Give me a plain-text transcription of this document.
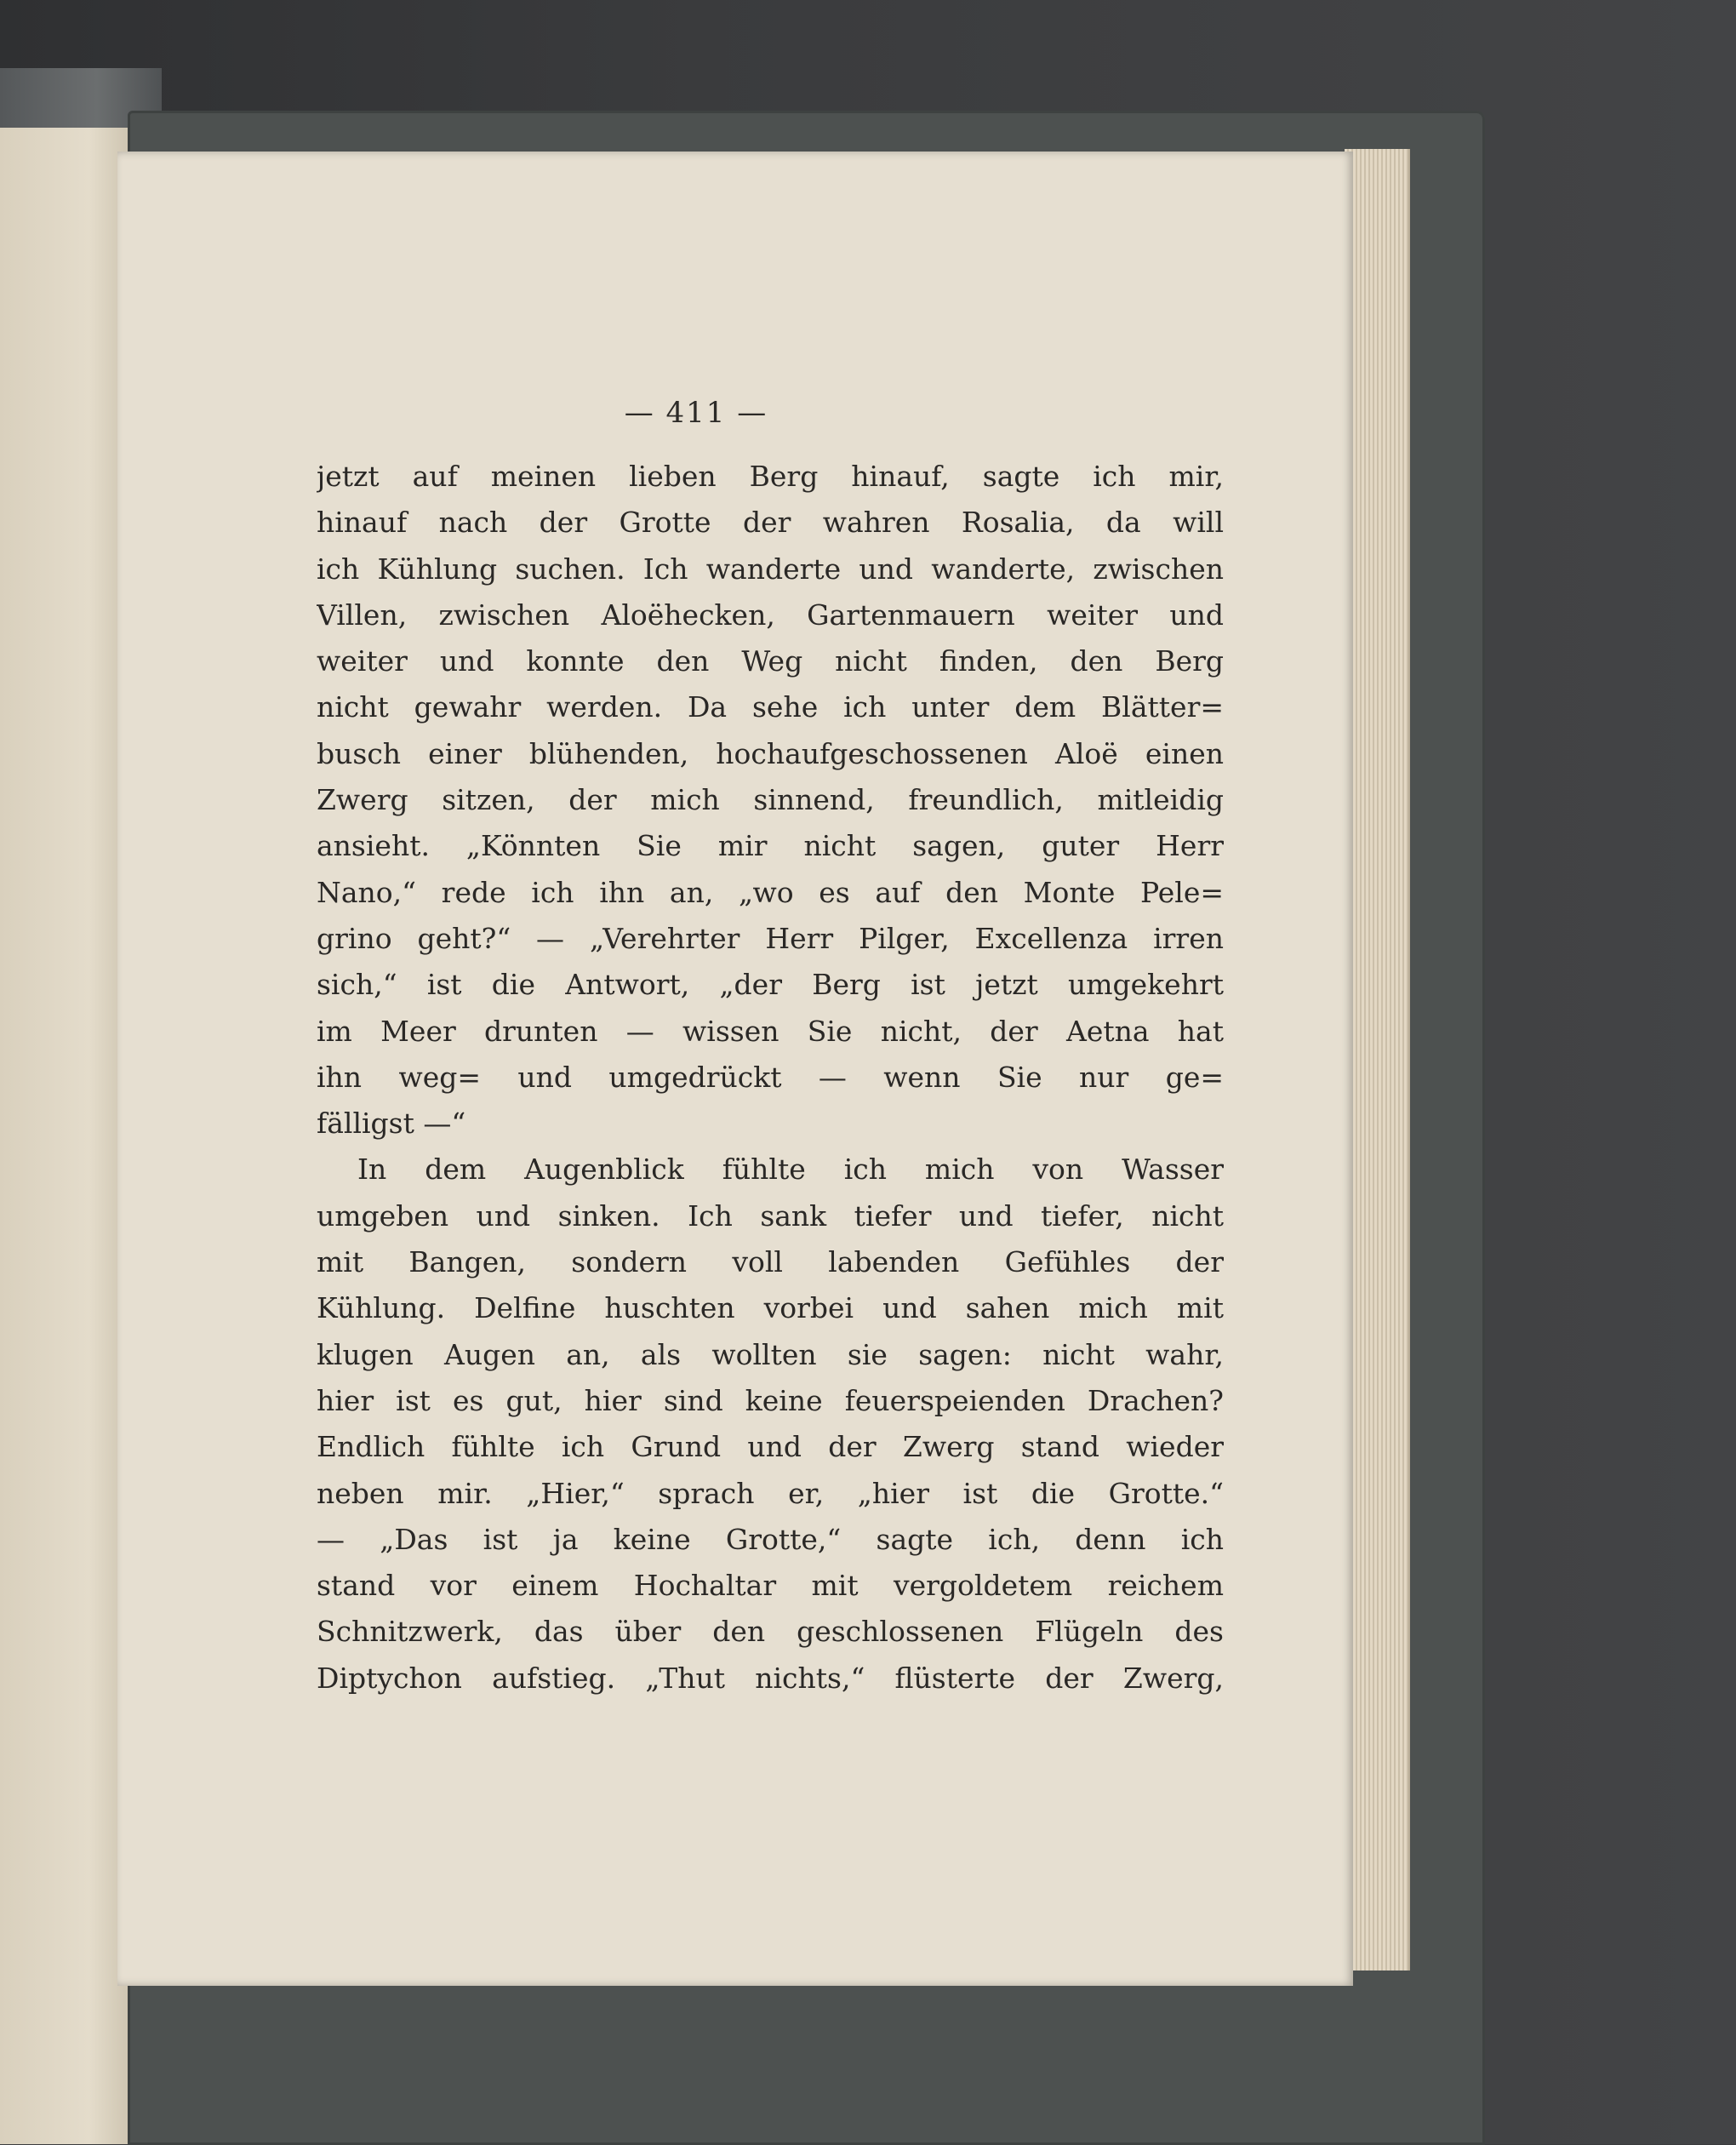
— 411 —
jetzt auf meinen lieben Berg hinauf, sagte ich mir,
hinauf nach der Grotte der wahren Rosalia, da will
ich Kühlung suchen. Ich wanderte und wanderte, zwischen
Villen, zwischen Aloëhecken, Gartenmauern weiter und
weiter und konnte den Weg nicht finden, den Berg
nicht gewahr werden. Da sehe ich unter dem Blätter=
busch einer blühenden, hochaufgeschossenen Aloë einen
Zwerg sitzen, der mich sinnend, freundlich, mitleidig
ansieht. „Könnten Sie mir nicht sagen, guter Herr
Nano,“ rede ich ihn an, „wo es auf den Monte Pele=
grino geht?“ — „Verehrter Herr Pilger, Excellenza irren
sich,“ ist die Antwort, „der Berg ist jetzt umgekehrt
im Meer drunten — wissen Sie nicht, der Aetna hat
ihn weg= und umgedrückt — wenn Sie nur ge=
fälligst —“
In dem Augenblick fühlte ich mich von Wasser
umgeben und sinken. Ich sank tiefer und tiefer, nicht
mit Bangen, sondern voll labenden Gefühles der
Kühlung. Delfine huschten vorbei und sahen mich mit
klugen Augen an, als wollten sie sagen: nicht wahr,
hier ist es gut, hier sind keine feuerspeienden Drachen?
Endlich fühlte ich Grund und der Zwerg stand wieder
neben mir. „Hier,“ sprach er, „hier ist die Grotte.“
— „Das ist ja keine Grotte,“ sagte ich, denn ich
stand vor einem Hochaltar mit vergoldetem reichem
Schnitzwerk, das über den geschlossenen Flügeln des
Diptychon aufstieg. „Thut nichts,“ flüsterte der Zwerg,
